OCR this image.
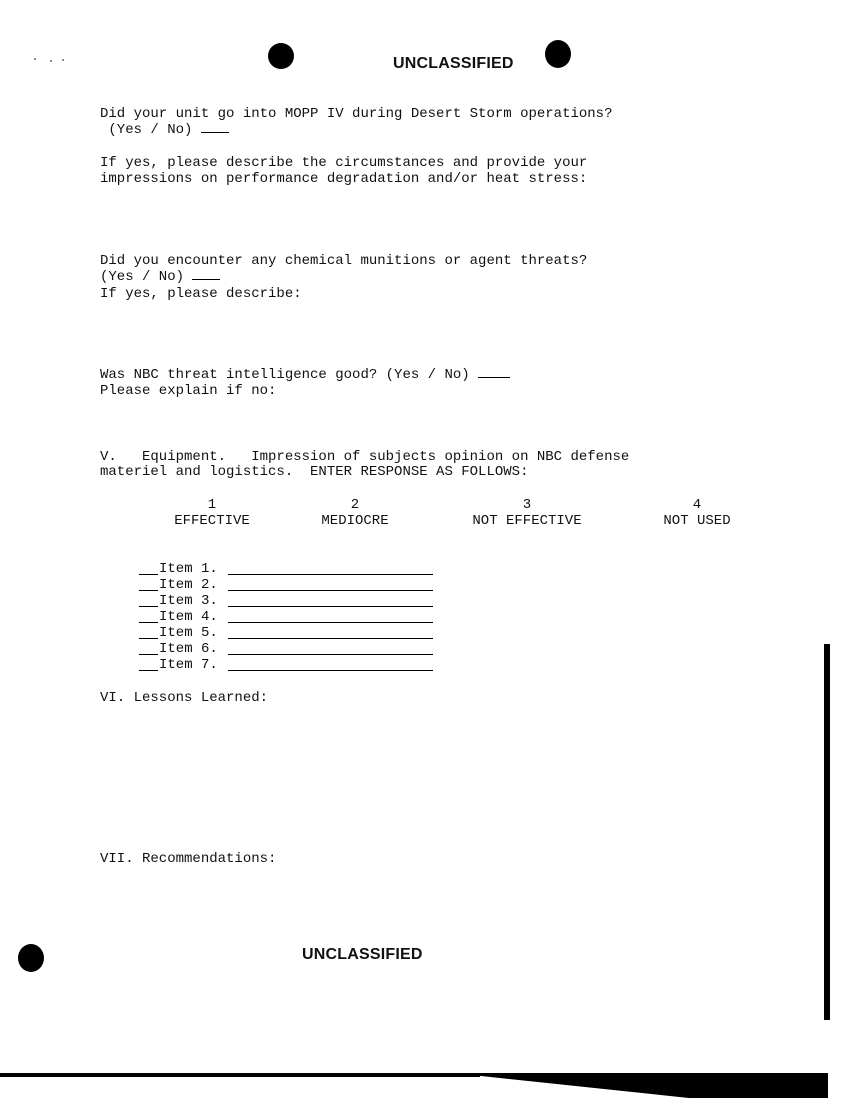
UNCLASSIFIED
Did your unit go into MOPP IV during Desert Storm operations?
(Yes / No)
If yes, please describe the circumstances and provide your
impressions on performance degradation and/or heat stress:
Did you encounter any chemical munitions or agent threats?
(Yes / No)
If yes, please describe:
Was NBC threat intelligence good? (Yes / No)
Please explain if no:
V.   Equipment.   Impression of subjects opinion on NBC defense
materiel and logistics.  ENTER RESPONSE AS FOLLOWS:
1
EFFECTIVE
2
MEDIOCRE
3
NOT EFFECTIVE
4
NOT USED

Item 1.

Item 2.

Item 3.

Item 4.

Item 5.

Item 6.

Item 7.

VI. Lessons Learned:
VII. Recommendations:
UNCLASSIFIED
